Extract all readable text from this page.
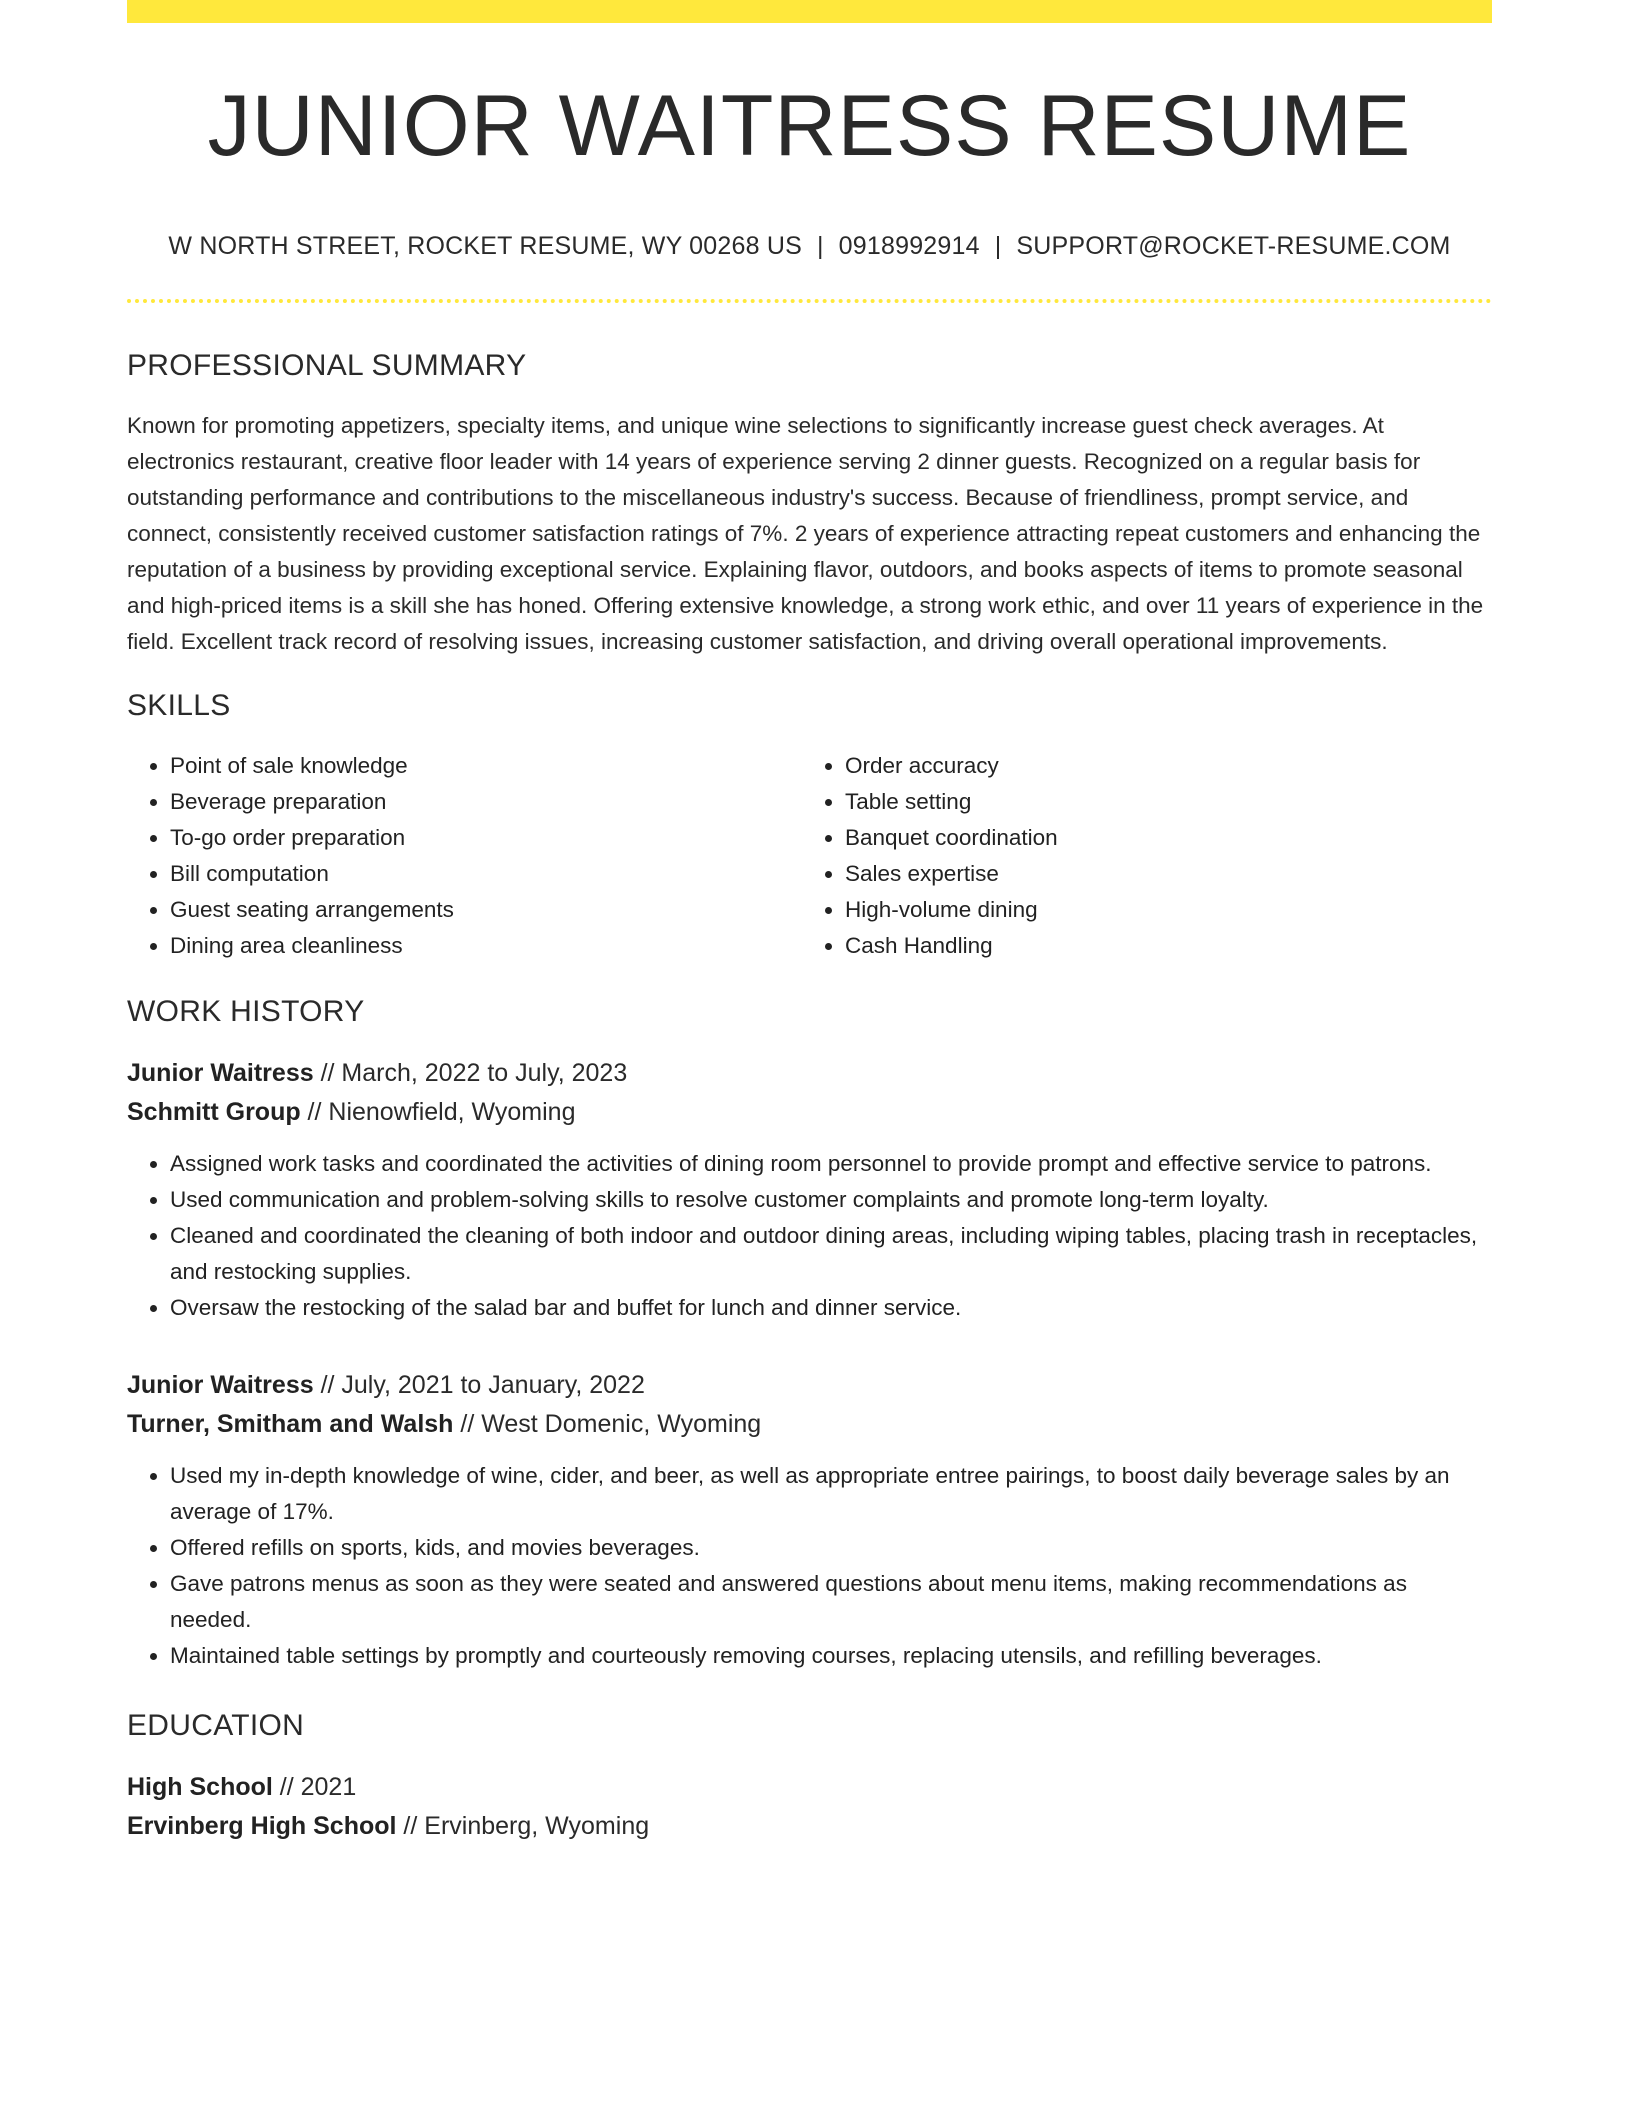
JUNIOR WAITRESS RESUME
W NORTH STREET, ROCKET RESUME, WY 00268 US | 0918992914 | SUPPORT@ROCKET-RESUME.COM
PROFESSIONAL SUMMARY

Known for promoting appetizers, specialty items, and unique wine selections to significantly increase guest check averages. At electronics restaurant, creative floor leader with 14 years of experience serving 2 dinner guests. Recognized on a regular basis for outstanding performance and contributions to the miscellaneous industry's success. Because of friendliness, prompt service, and connect, consistently received customer satisfaction ratings of 7%. 2 years of experience attracting repeat customers and enhancing the reputation of a business by providing exceptional service. Explaining flavor, outdoors, and books aspects of items to promote seasonal and high-priced items is a skill she has honed. Offering extensive knowledge, a strong work ethic, and over 11 years of experience in the field. Excellent track record of resolving issues, increasing customer satisfaction, and driving overall operational improvements.

SKILLS
• Point of sale knowledge
• Beverage preparation
• To-go order preparation
• Bill computation
• Guest seating arrangements
• Dining area cleanliness
• Order accuracy
• Table setting
• Banquet coordination
• Sales expertise
• High-volume dining
• Cash Handling
WORK HISTORY
Junior Waitress // March, 2022 to July, 2023
Schmitt Group // Nienowfield, Wyoming
• Assigned work tasks and coordinated the activities of dining room personnel to provide prompt and effective service to patrons.
• Used communication and problem-solving skills to resolve customer complaints and promote long-term loyalty.
• Cleaned and coordinated the cleaning of both indoor and outdoor dining areas, including wiping tables, placing trash in receptacles, and restocking supplies.
• Oversaw the restocking of the salad bar and buffet for lunch and dinner service.
Junior Waitress // July, 2021 to January, 2022
Turner, Smitham and Walsh // West Domenic, Wyoming
• Used my in-depth knowledge of wine, cider, and beer, as well as appropriate entree pairings, to boost daily beverage sales by an average of 17%.
• Offered refills on sports, kids, and movies beverages.
• Gave patrons menus as soon as they were seated and answered questions about menu items, making recommendations as needed.
• Maintained table settings by promptly and courteously removing courses, replacing utensils, and refilling beverages.
EDUCATION
High School // 2021
Ervinberg High School // Ervinberg, Wyoming
